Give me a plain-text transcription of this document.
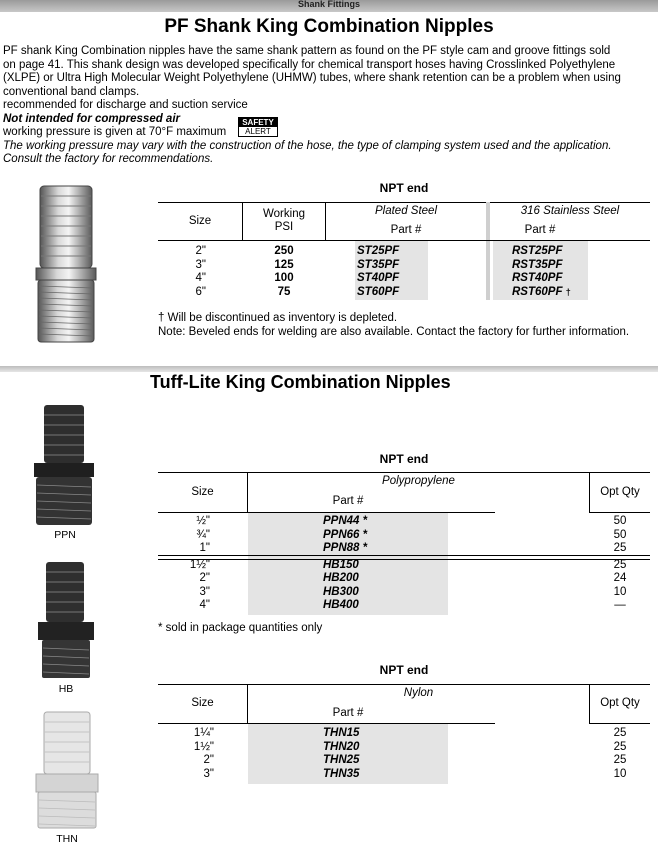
Shank Fittings
PF Shank King Combination Nipples
PF shank King Combination nipples have the same shank pattern as found on the PF style cam and groove fittings sold
on page 41. This shank design was developed specifically for chemical transport hoses having Crosslinked Polyethylene
(XLPE) or Ultra High Molecular Weight Polyethylene (UHMW) tubes, where shank retention can be a problem when using
conventional band clamps.
recommended for discharge and suction service
Not intended for compressed air
working pressure is given at 70°F maximum
The working pressure may vary with the construction of the hose, the type of clamping system used and the application.
Consult the factory for recommendations.
SAFETY
ALERT
NPT end
Size
Working
PSI
Plated Steel
Part #
316 Stainless Steel
Part #
2"
3"
4"
6"
250
125
100
75
ST25PF
ST35PF
ST40PF
ST60PF
RST25PF
RST35PF
RST40PF
RST60PF †
† Will be discontinued as inventory is depleted.
Note: Beveled ends for welding are also available. Contact the factory for further information.
Tuff-Lite King Combination Nipples
PPN
HB
THN
NPT end
Size
Polypropylene
Part #
Opt Qty
½"
¾"
1"
1½"
2"
3"
4"
PPN44 *
PPN66 *
PPN88 *
HB150
HB200
HB300
HB400
50
50
25
25
24
10
—
* sold in package quantities only
NPT end
Size
Nylon
Part #
Opt Qty
1¼"
1½"
2"
3"
THN15
THN20
THN25
THN35
25
25
25
10
